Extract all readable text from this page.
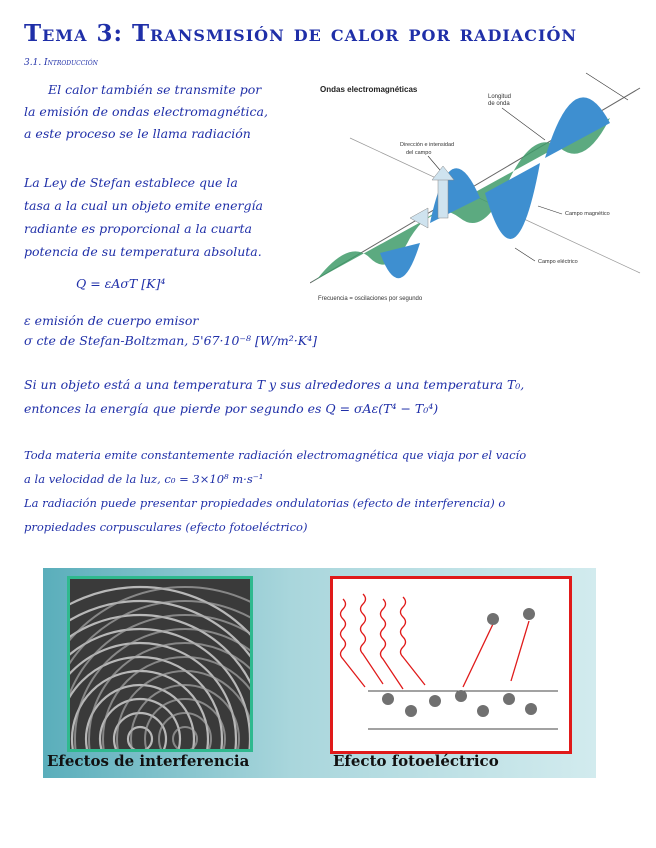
Tema 3: Transmisión de calor por radiación
3.1. Introducción
El calor también se transmite por
la emisión de ondas electromagnética,
a este proceso se le llama radiación
La Ley de Stefan establece que la
tasa a la cual un objeto emite energía
radiante es proporcional a la cuarta
potencia de su temperatura absoluta.
Q = εAσT [K]⁴
ε emisión de cuerpo emisor
σ cte de Stefan-Boltzman, 5'67·10⁻⁸ [W/m²·K⁴]
Si un objeto está a una temperatura T y sus alrededores a una temperatura T₀,
entonces la energía que pierde por segundo es Q = σAε(T⁴ − T₀⁴)
Toda materia emite constantemente radiación electromagnética que viaja por el vacío
a la velocidad de la luz, c₀ = 3×10⁸ m·s⁻¹
La radiación puede presentar propiedades ondulatorias (efecto de interferencia) o
propiedades corpusculares (efecto fotoeléctrico)
Ondas electromagnéticas
Longitud
de onda
Dirección e intensidad
del campo
Campo magnético
Campo eléctrico
Frecuencia = oscilaciones por segundo
Efectos de interferencia	Efecto fotoeléctrico
